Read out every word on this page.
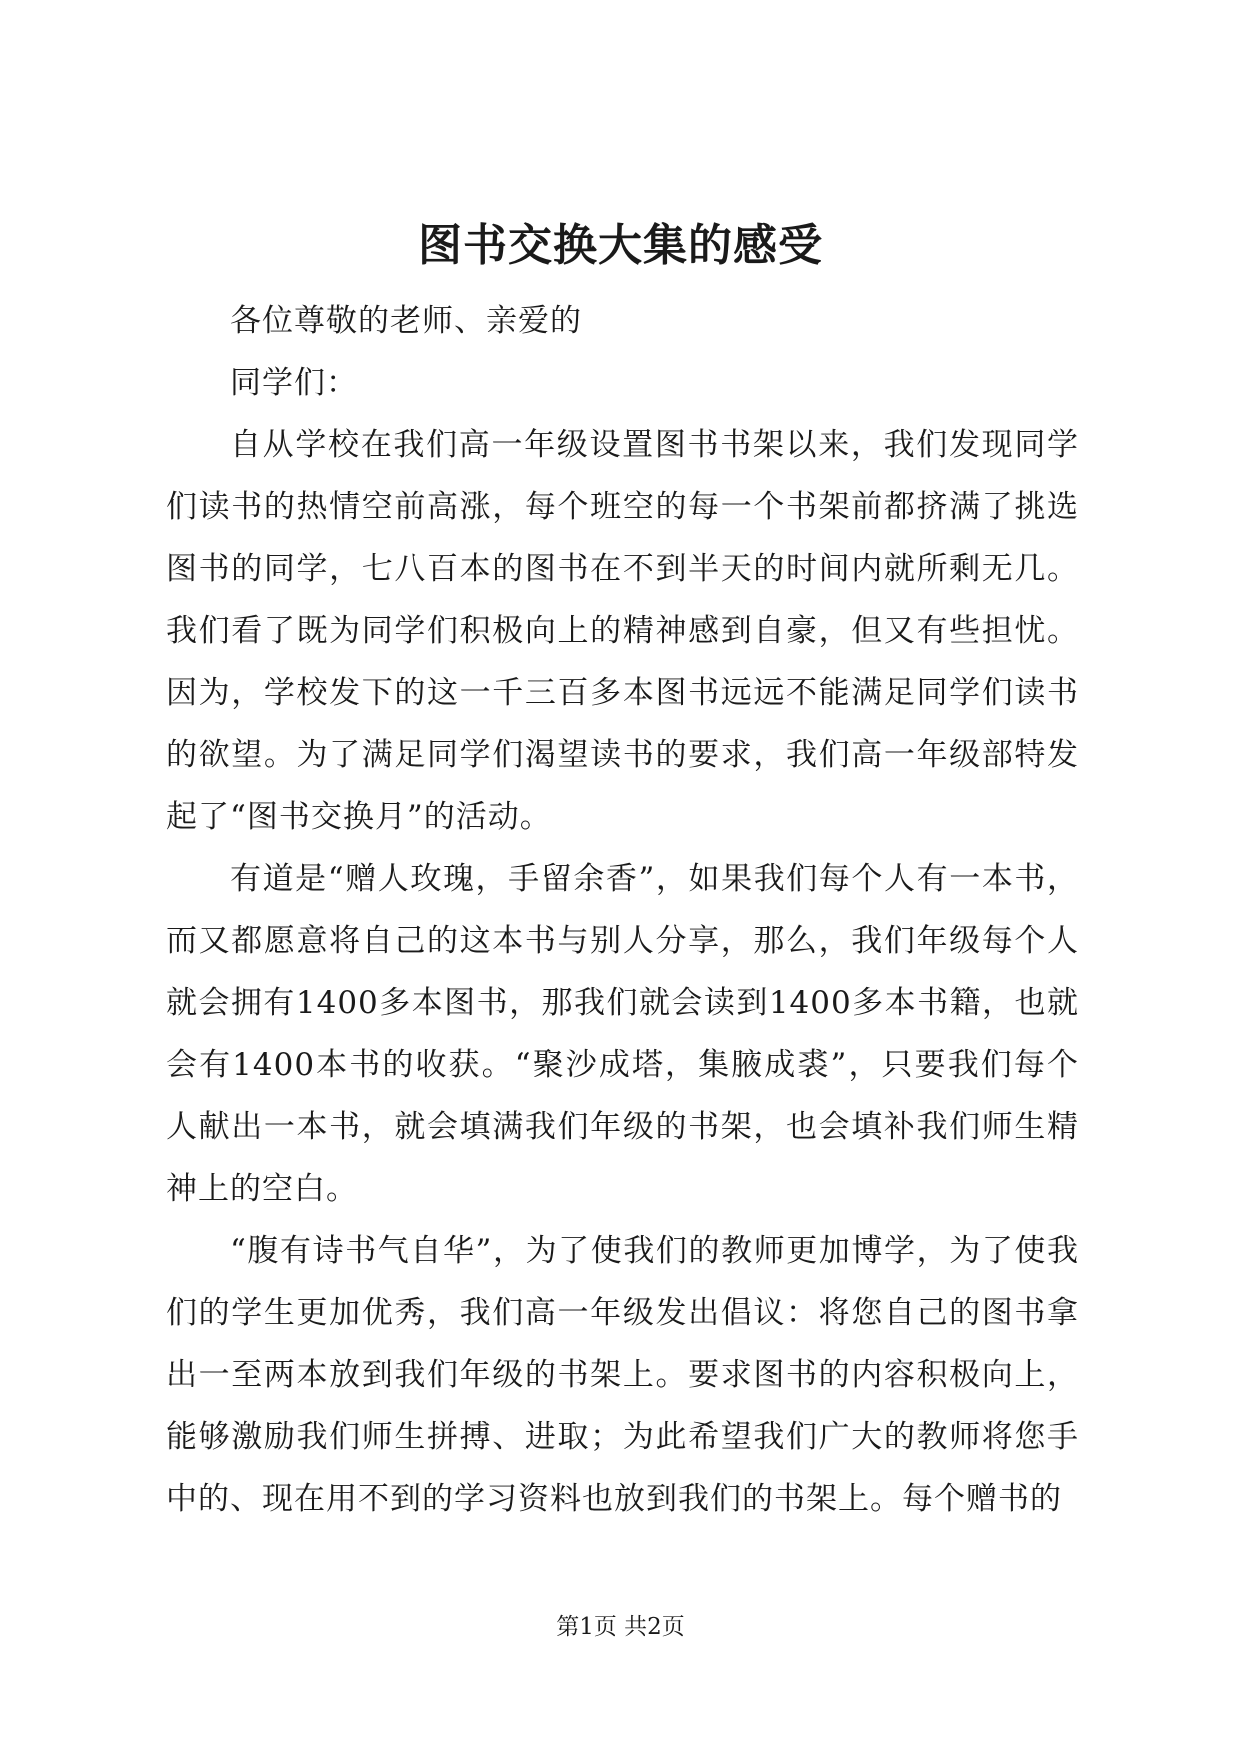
图书交换大集的感受

各位尊敬的老师、亲爱的

同学们：

自从学校在我们高一年级设置图书书架以来，我们发现同学们读书的热情空前高涨，每个班空的每一个书架前都挤满了挑选图书的同学，七八百本的图书在不到半天的时间内就所剩无几。我们看了既为同学们积极向上的精神感到自豪，但又有些担忧。因为，学校发下的这一千三百多本图书远远不能满足同学们读书的欲望。为了满足同学们渴望读书的要求，我们高一年级部特发起了“图书交换月”的活动。

有道是“赠人玫瑰，手留余香”，如果我们每个人有一本书，而又都愿意将自己的这本书与别人分享，那么，我们年级每个人就会拥有1400多本图书，那我们就会读到1400多本书籍，也就会有1400本书的收获。“聚沙成塔，集腋成裘”，只要我们每个人献出一本书，就会填满我们年级的书架，也会填补我们师生精神上的空白。

“腹有诗书气自华”，为了使我们的教师更加博学，为了使我们的学生更加优秀，我们高一年级发出倡议：将您自己的图书拿出一至两本放到我们年级的书架上。要求图书的内容积极向上，能够激励我们师生拼搏、进取；为此希望我们广大的教师将您手中的、现在用不到的学习资料也放到我们的书架上。每个赠书的

第1页 共2页
